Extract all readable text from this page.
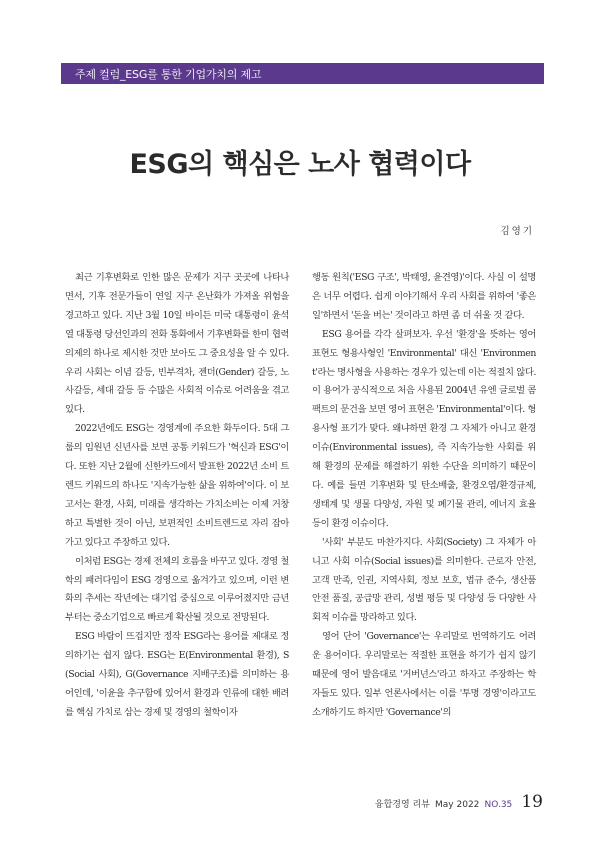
주제 컬럼_ESG를 통한 기업가치의 제고
ESG의 핵심은 노사 협력이다
김영기

최근 기후변화로 인한 많은 문제가 지구 곳곳에 나타나면서, 기후 전문가들이 연일 지구 온난화가 가져올 위험을 경고하고 있다. 지난 3월 10일 바이든 미국 대통령이 윤석열 대통령 당선인과의 전화 통화에서 기후변화를 한미 협력 의제의 하나로 제시한 것만 보아도 그 중요성을 알 수 있다. 우리 사회는 이념 갈등, 빈부격차, 젠더(Gender) 갈등, 노사갈등, 세대 갈등 등 수많은 사회적 이슈로 어려움을 겪고 있다.

2022년에도 ESG는 경영계에 주요한 화두이다. 5대 그룹의 임원년 신년사를 보면 공통 키워드가 '혁신과 ESG'이다. 또한 지난 2월에 신한카드에서 발표한 2022년 소비 트렌드 키워드의 하나도 '지속가능한 삶을 위하여'이다. 이 보고서는 환경, 사회, 미래를 생각하는 가치소비는 이제 거창하고 특별한 것이 아닌, 보편적인 소비트렌드로 자리 잡아가고 있다고 주장하고 있다.

이처럼 ESG는 경제 전체의 흐름을 바꾸고 있다. 경영 철학의 패러다임이 ESG 경영으로 옮겨가고 있으며, 이런 변화의 추세는 작년에는 대기업 중심으로 이루어졌지만 금년부터는 중소기업으로 빠르게 확산될 것으로 전망된다.

ESG 바람이 뜨겁지만 정작 ESG라는 용어를 제대로 정의하기는 쉽지 않다. ESG는 E(Environmental 환경), S(Social 사회), G(Governance 지배구조)를 의미하는 용어인데, '이윤을 추구함에 있어서 환경과 인류에 대한 배려를 핵심 가치로 삼는 경제 및 경영의 철학이자

행동 원칙('ESG 구조', 박태영, 윤견영)'이다. 사실 이 설명은 너무 어렵다. 쉽게 이야기해서 우리 사회를 위하여 '좋은 일'하면서 '돈을 버는' 것이라고 하면 좀 더 쉬울 것 같다.

ESG 용어를 각각 살펴보자. 우선 '환경'을 뜻하는 영어 표현도 형용사형인 'Environmental' 대신 'Environment'라는 명사형을 사용하는 경우가 있는데 이는 적절치 않다. 이 용어가 공식적으로 처음 사용된 2004년 유엔 글로벌 콤팩트의 문건을 보면 영어 표현은 'Environmental'이다. 형용사형 표기가 맞다. 왜냐하면 환경 그 자체가 아니고 환경 이슈(Environmental issues), 즉 지속가능한 사회를 위해 환경의 문제를 해결하기 위한 수단을 의미하기 때문이다. 예를 들면 기후변화 및 탄소배출, 환경오염/환경규제, 생태계 및 생물 다양성, 자원 및 폐기물 관리, 에너지 효율 등이 환경 이슈이다.

'사회' 부분도 마찬가지다. 사회(Society) 그 자체가 아니고 사회 이슈(Social issues)를 의미한다. 근로자 안전, 고객 만족, 인권, 지역사회, 정보 보호, 법규 준수, 생산품 안전 품질, 공급망 관리, 성별 평등 및 다양성 등 다양한 사회적 이슈를 망라하고 있다.

영어 단어 'Governance'는 우리말로 번역하기도 어려운 용어이다. 우리말로는 적절한 표현을 하기가 쉽지 않기 때문에 영어 발음대로 '거버넌스'라고 하자고 주장하는 학자들도 있다. 일부 언론사에서는 이를 '투명 경영'이라고도 소개하기도 하지만 'Governance'의

융합경영 리뷰 May 2022 NO.35 19
